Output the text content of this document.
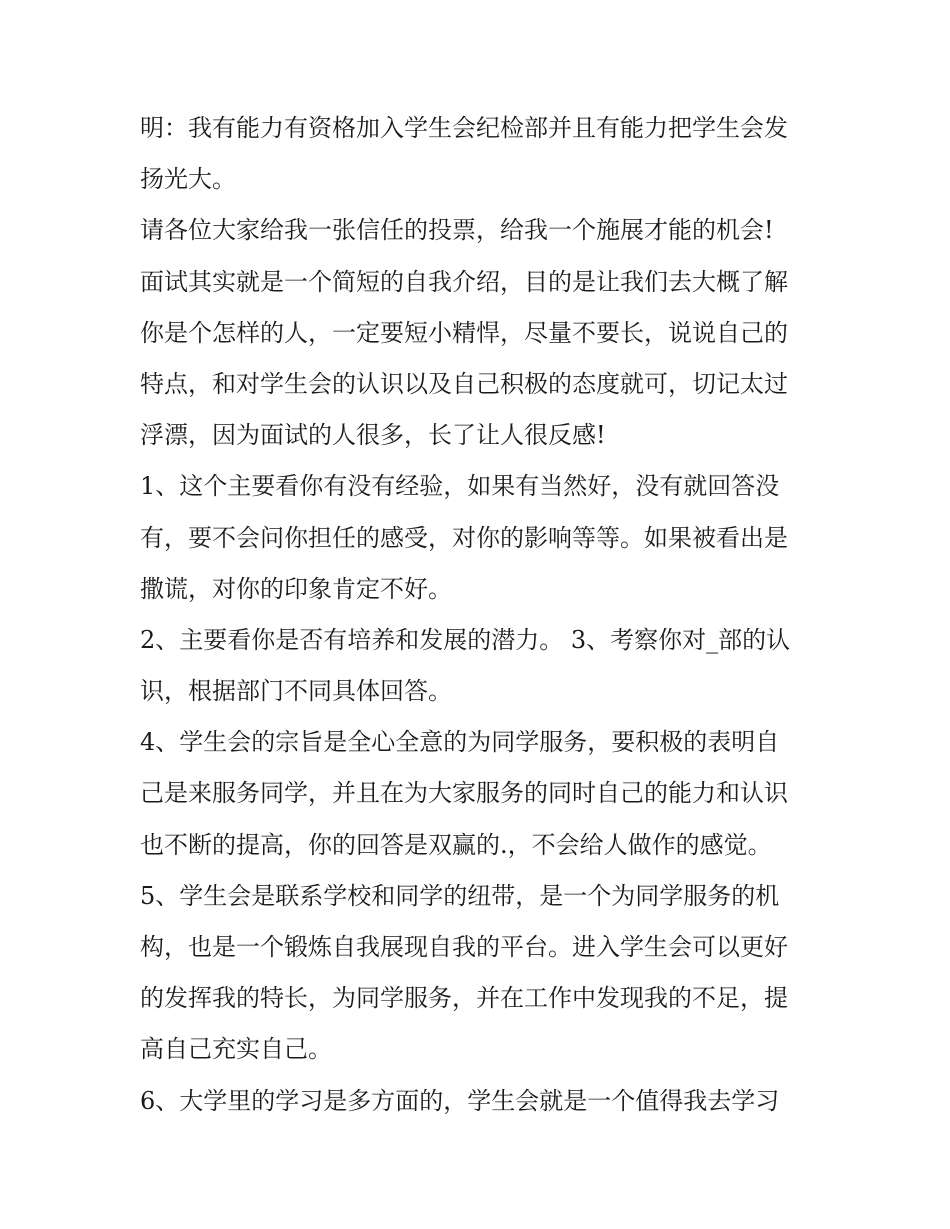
明：我有能力有资格加入学生会纪检部并且有能力把学生会发
扬光大。
请各位大家给我一张信任的投票，给我一个施展才能的机会!
面试其实就是一个简短的自我介绍，目的是让我们去大概了解
你是个怎样的人，一定要短小精悍，尽量不要长，说说自己的
特点，和对学生会的认识以及自己积极的态度就可，切记太过
浮漂，因为面试的人很多，长了让人很反感!
1、这个主要看你有没有经验，如果有当然好，没有就回答没
有，要不会问你担任的感受，对你的影响等等。如果被看出是
撒谎，对你的印象肯定不好。
2、主要看你是否有培养和发展的潜力。 3、考察你对_部的认
识，根据部门不同具体回答。
4、学生会的宗旨是全心全意的为同学服务，要积极的表明自
己是来服务同学，并且在为大家服务的同时自己的能力和认识
也不断的提高，你的回答是双赢的.，不会给人做作的感觉。
5、学生会是联系学校和同学的纽带，是一个为同学服务的机
构，也是一个锻炼自我展现自我的平台。进入学生会可以更好
的发挥我的特长，为同学服务，并在工作中发现我的不足，提
高自己充实自己。
6、大学里的学习是多方面的，学生会就是一个值得我去学习
